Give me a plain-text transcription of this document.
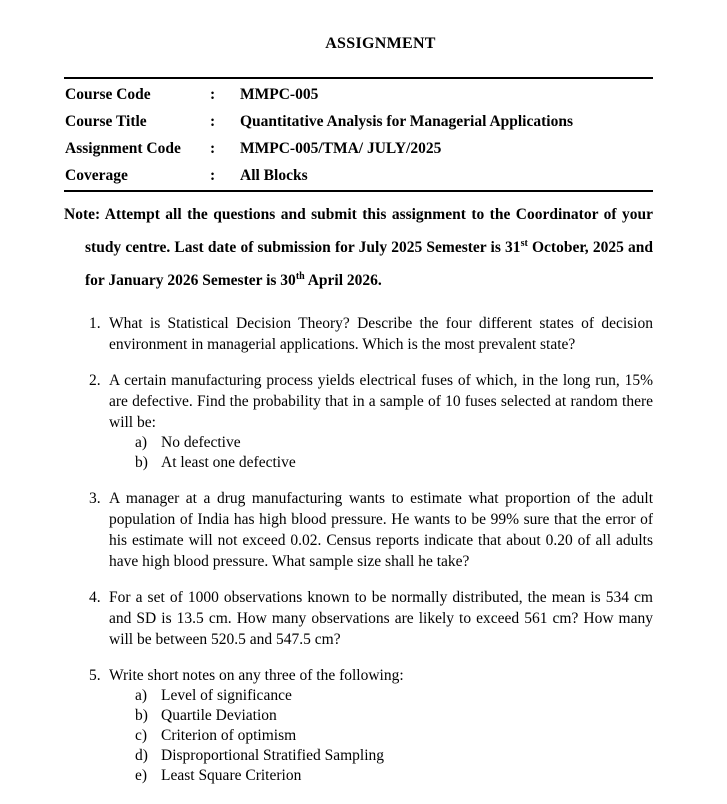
ASSIGNMENT
Course Code	:	MMPC-005
Course Title	:	Quantitative Analysis for Managerial Applications
Assignment Code	:	MMPC-005/TMA/ JULY/2025
Coverage	:	All Blocks

Note: Attempt all the questions and submit this assignment to the Coordinator of your study centre. Last date of submission for July 2025 Semester is 31st October, 2025 and for January 2026 Semester is 30th April 2026.

1. What is Statistical Decision Theory? Describe the four different states of decision environment in managerial applications. Which is the most prevalent state?
2. A certain manufacturing process yields electrical fuses of which, in the long run, 15% are defective. Find the probability that in a sample of 10 fuses selected at random there will be:
a) No defective
b) At least one defective
3. A manager at a drug manufacturing wants to estimate what proportion of the adult population of India has high blood pressure. He wants to be 99% sure that the error of his estimate will not exceed 0.02. Census reports indicate that about 0.20 of all adults have high blood pressure. What sample size shall he take?
4. For a set of 1000 observations known to be normally distributed, the mean is 534 cm and SD is 13.5 cm. How many observations are likely to exceed 561 cm? How many will be between 520.5 and 547.5 cm?
5. Write short notes on any three of the following:
a) Level of significance
b) Quartile Deviation
c) Criterion of optimism
d) Disproportional Stratified Sampling
e) Least Square Criterion
